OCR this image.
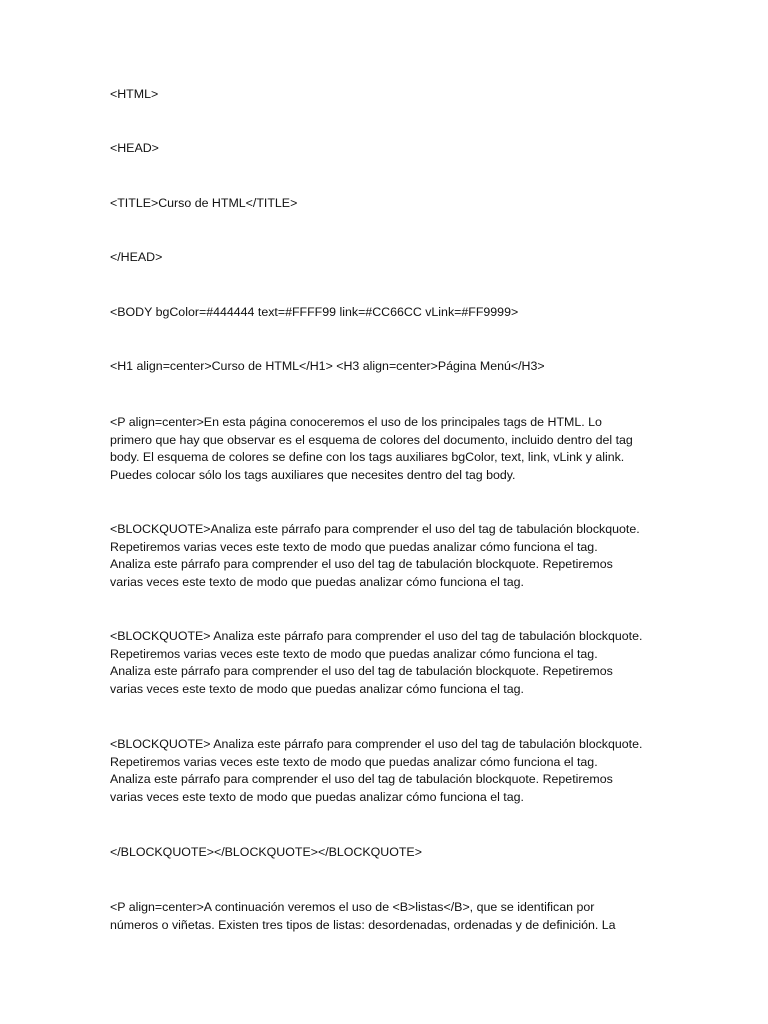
<HTML>

<HEAD>

<TITLE>Curso de HTML</TITLE>

</HEAD>

<BODY bgColor=#444444 text=#FFFF99 link=#CC66CC vLink=#FF9999>

<H1 align=center>Curso de HTML</H1> <H3 align=center>Página Menú</H3>

<P align=center>En esta página conoceremos el uso de los principales tags de HTML. Lo
primero que hay que observar es el esquema de colores del documento, incluido dentro del tag
body. El esquema de colores se define con los tags auxiliares bgColor, text, link, vLink y alink.
Puedes colocar sólo los tags auxiliares que necesites dentro del tag body.

<BLOCKQUOTE>Analiza este párrafo para comprender el uso del tag de tabulación blockquote.
Repetiremos varias veces este texto de modo que puedas analizar cómo funciona el tag.
Analiza este párrafo para comprender el uso del tag de tabulación blockquote. Repetiremos
varias veces este texto de modo que puedas analizar cómo funciona el tag.

<BLOCKQUOTE> Analiza este párrafo para comprender el uso del tag de tabulación blockquote.
Repetiremos varias veces este texto de modo que puedas analizar cómo funciona el tag.
Analiza este párrafo para comprender el uso del tag de tabulación blockquote. Repetiremos
varias veces este texto de modo que puedas analizar cómo funciona el tag.

<BLOCKQUOTE> Analiza este párrafo para comprender el uso del tag de tabulación blockquote.
Repetiremos varias veces este texto de modo que puedas analizar cómo funciona el tag.
Analiza este párrafo para comprender el uso del tag de tabulación blockquote. Repetiremos
varias veces este texto de modo que puedas analizar cómo funciona el tag.

</BLOCKQUOTE></BLOCKQUOTE></BLOCKQUOTE>

<P align=center>A continuación veremos el uso de <B>listas</B>, que se identifican por
números o viñetas. Existen tres tipos de listas: desordenadas, ordenadas y de definición. La
